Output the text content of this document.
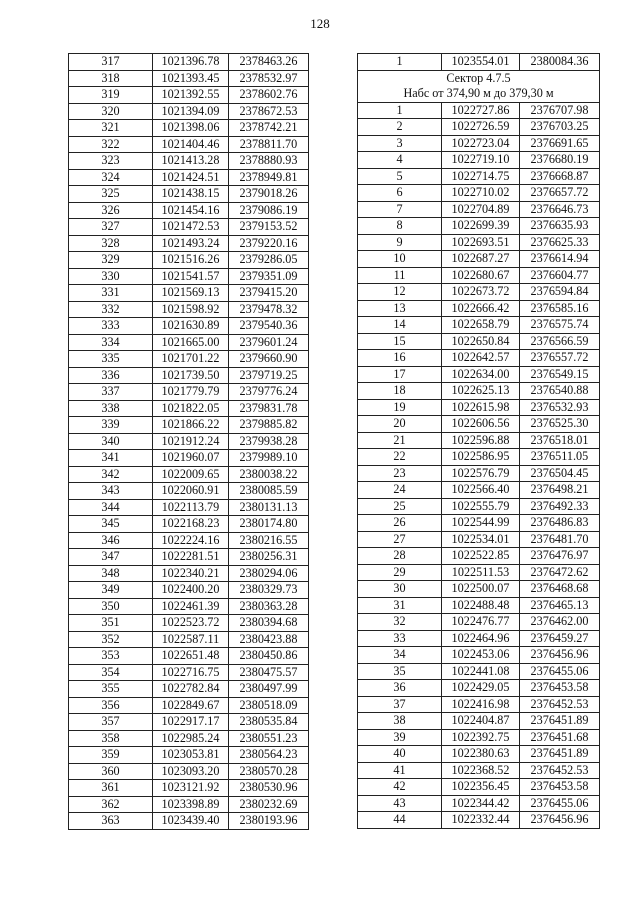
128
317	1021396.78	2378463.26
318	1021393.45	2378532.97
319	1021392.55	2378602.76
320	1021394.09	2378672.53
321	1021398.06	2378742.21
322	1021404.46	2378811.70
323	1021413.28	2378880.93
324	1021424.51	2378949.81
325	1021438.15	2379018.26
326	1021454.16	2379086.19
327	1021472.53	2379153.52
328	1021493.24	2379220.16
329	1021516.26	2379286.05
330	1021541.57	2379351.09
331	1021569.13	2379415.20
332	1021598.92	2379478.32
333	1021630.89	2379540.36
334	1021665.00	2379601.24
335	1021701.22	2379660.90
336	1021739.50	2379719.25
337	1021779.79	2379776.24
338	1021822.05	2379831.78
339	1021866.22	2379885.82
340	1021912.24	2379938.28
341	1021960.07	2379989.10
342	1022009.65	2380038.22
343	1022060.91	2380085.59
344	1022113.79	2380131.13
345	1022168.23	2380174.80
346	1022224.16	2380216.55
347	1022281.51	2380256.31
348	1022340.21	2380294.06
349	1022400.20	2380329.73
350	1022461.39	2380363.28
351	1022523.72	2380394.68
352	1022587.11	2380423.88
353	1022651.48	2380450.86
354	1022716.75	2380475.57
355	1022782.84	2380497.99
356	1022849.67	2380518.09
357	1022917.17	2380535.84
358	1022985.24	2380551.23
359	1023053.81	2380564.23
360	1023093.20	2380570.28
361	1023121.92	2380530.96
362	1023398.89	2380232.69
363	1023439.40	2380193.96
1	1023554.01	2380084.36

Сектор 4.7.5
Набс от 374,90 м до 379,30 м		

1	1022727.86	2376707.98
2	1022726.59	2376703.25
3	1022723.04	2376691.65
4	1022719.10	2376680.19
5	1022714.75	2376668.87
6	1022710.02	2376657.72
7	1022704.89	2376646.73
8	1022699.39	2376635.93
9	1022693.51	2376625.33
10	1022687.27	2376614.94
11	1022680.67	2376604.77
12	1022673.72	2376594.84
13	1022666.42	2376585.16
14	1022658.79	2376575.74
15	1022650.84	2376566.59
16	1022642.57	2376557.72
17	1022634.00	2376549.15
18	1022625.13	2376540.88
19	1022615.98	2376532.93
20	1022606.56	2376525.30
21	1022596.88	2376518.01
22	1022586.95	2376511.05
23	1022576.79	2376504.45
24	1022566.40	2376498.21
25	1022555.79	2376492.33
26	1022544.99	2376486.83
27	1022534.01	2376481.70
28	1022522.85	2376476.97
29	1022511.53	2376472.62
30	1022500.07	2376468.68
31	1022488.48	2376465.13
32	1022476.77	2376462.00
33	1022464.96	2376459.27
34	1022453.06	2376456.96
35	1022441.08	2376455.06
36	1022429.05	2376453.58
37	1022416.98	2376452.53
38	1022404.87	2376451.89
39	1022392.75	2376451.68
40	1022380.63	2376451.89
41	1022368.52	2376452.53
42	1022356.45	2376453.58
43	1022344.42	2376455.06
44	1022332.44	2376456.96
